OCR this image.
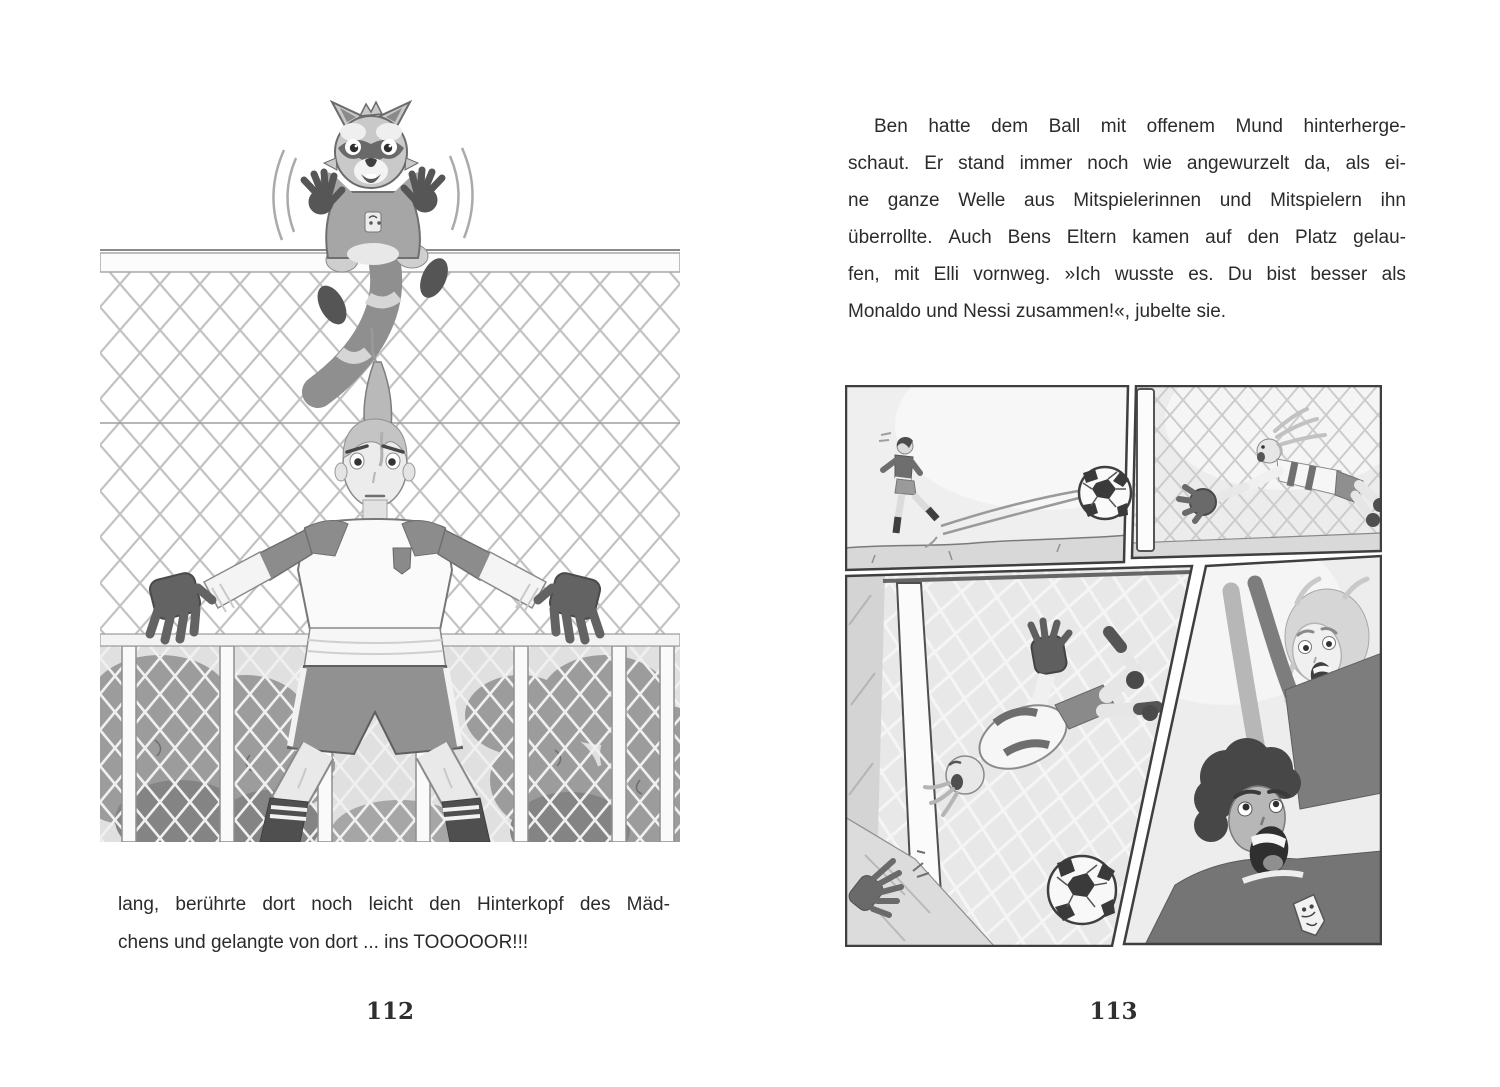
lang, berührte dort noch leicht den Hinterkopf des Mäd-
chens und gelangte von dort ... ins TOOOOOR!!!
112
Ben hatte dem Ball mit offenem Mund hinterherge-
schaut. Er stand immer noch wie angewurzelt da, als ei-
ne ganze Welle aus Mitspielerinnen und Mitspielern ihn
überrollte. Auch Bens Eltern kamen auf den Platz gelau-
fen, mit Elli vornweg. »Ich wusste es. Du bist besser als
Monaldo und Nessi zusammen!«, jubelte sie.
113
